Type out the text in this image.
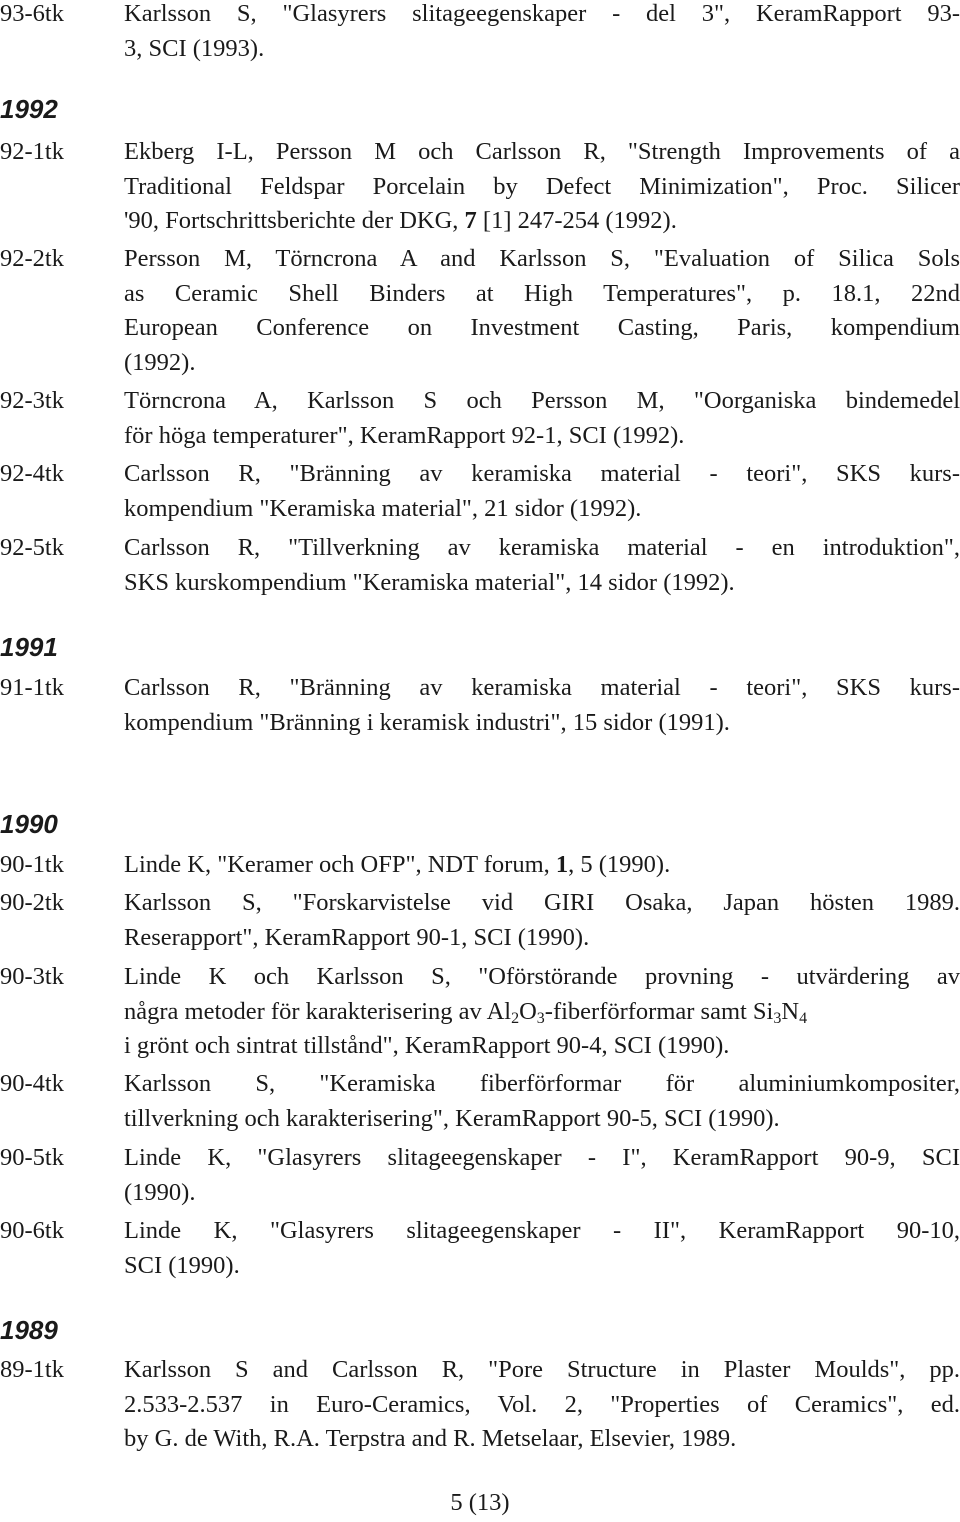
93-6tk Karlsson S, "Glasyrers slitageegenskaper - del 3", KeramRapport 93-
3, SCI (1993).
1992
92-1tk Ekberg I-L, Persson M och Carlsson R, "Strength Improvements of a
Traditional Feldspar Porcelain by Defect Minimization", Proc. Silicer
'90, Fortschrittsberichte der DKG, 7 [1] 247-254 (1992).
92-2tk Persson M, Törncrona A and Karlsson S, "Evaluation of Silica Sols
as Ceramic Shell Binders at High Temperatures", p. 18.1, 22nd
European Conference on Investment Casting, Paris, kompendium
(1992).
92-3tk Törncrona A, Karlsson S och Persson M, "Oorganiska bindemedel
för höga temperaturer", KeramRapport 92-1, SCI (1992).
92-4tk Carlsson R, "Bränning av keramiska material - teori", SKS kurs-
kompendium "Keramiska material", 21 sidor (1992).
92-5tk Carlsson R, "Tillverkning av keramiska material - en introduktion",
SKS kurskompendium "Keramiska material", 14 sidor (1992).
1991
91-1tk Carlsson R, "Bränning av keramiska material - teori", SKS kurs-
kompendium "Bränning i keramisk industri", 15 sidor (1991).
1990
90-1tk Linde K, "Keramer och OFP", NDT forum, 1, 5 (1990).
90-2tk Karlsson S, "Forskarvistelse vid GIRI Osaka, Japan hösten 1989.
Reserapport", KeramRapport 90-1, SCI (1990).
90-3tk Linde K och Karlsson S, "Oförstörande provning - utvärdering av
några metoder för karakterisering av $Al_2O_3$-fiberförformar samt $Si_3N_4$
i grönt och sintrat tillstånd", KeramRapport 90-4, SCI (1990).
90-4tk Karlsson S, "Keramiska fiberförformar för aluminiumkompositer,
tillverkning och karakterisering", KeramRapport 90-5, SCI (1990).
90-5tk Linde K, "Glasyrers slitageegenskaper - I", KeramRapport 90-9, SCI
(1990).
90-6tk Linde K, "Glasyrers slitageegenskaper - II", KeramRapport 90-10,
SCI (1990).
1989
89-1tk Karlsson S and Carlsson R, "Pore Structure in Plaster Moulds", pp.
2.533-2.537 in Euro-Ceramics, Vol. 2, "Properties of Ceramics", ed.
by G. de With, R.A. Terpstra and R. Metselaar, Elsevier, 1989.
5 (13)
